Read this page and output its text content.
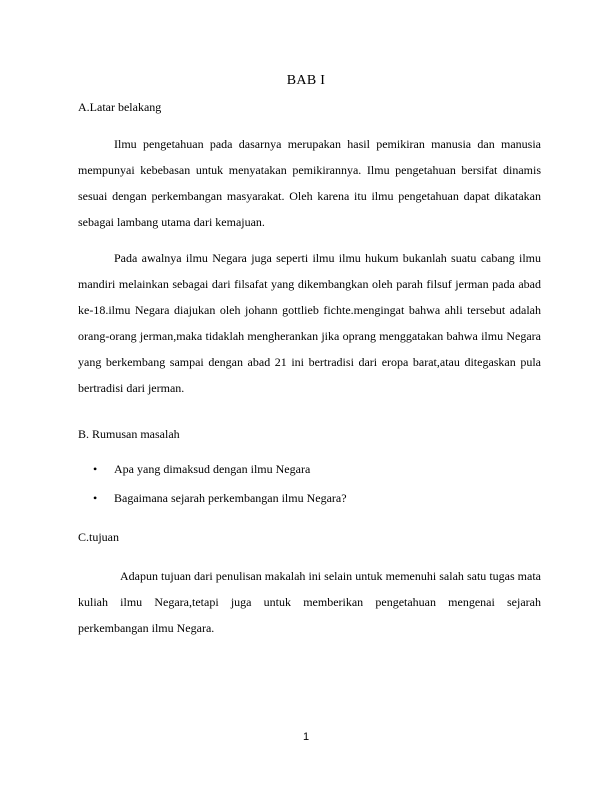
BAB I
A.Latar belakang

Ilmu pengetahuan pada dasarnya merupakan hasil pemikiran manusia dan manusia mempunyai kebebasan untuk menyatakan pemikirannya. Ilmu pengetahuan bersifat dinamis sesuai dengan perkembangan masyarakat. Oleh karena itu ilmu pengetahuan dapat dikatakan sebagai lambang utama dari kemajuan.

Pada awalnya ilmu Negara juga seperti ilmu ilmu hukum bukanlah suatu cabang ilmu mandiri melainkan sebagai dari filsafat yang dikembangkan oleh parah filsuf jerman pada abad ke-18.ilmu Negara diajukan oleh johann gottlieb fichte.mengingat bahwa ahli tersebut adalah orang-orang jerman,maka tidaklah mengherankan jika oprang menggatakan bahwa ilmu Negara yang berkembang sampai dengan abad 21 ini bertradisi dari eropa barat,atau ditegaskan pula bertradisi dari jerman.

B. Rumusan masalah
• Apa yang dimaksud dengan ilmu Negara
• Bagaimana sejarah perkembangan ilmu Negara?
C.tujuan

Adapun tujuan dari penulisan makalah ini selain untuk memenuhi salah satu tugas mata kuliah ilmu Negara,tetapi juga untuk memberikan pengetahuan mengenai sejarah perkembangan ilmu Negara.

1
